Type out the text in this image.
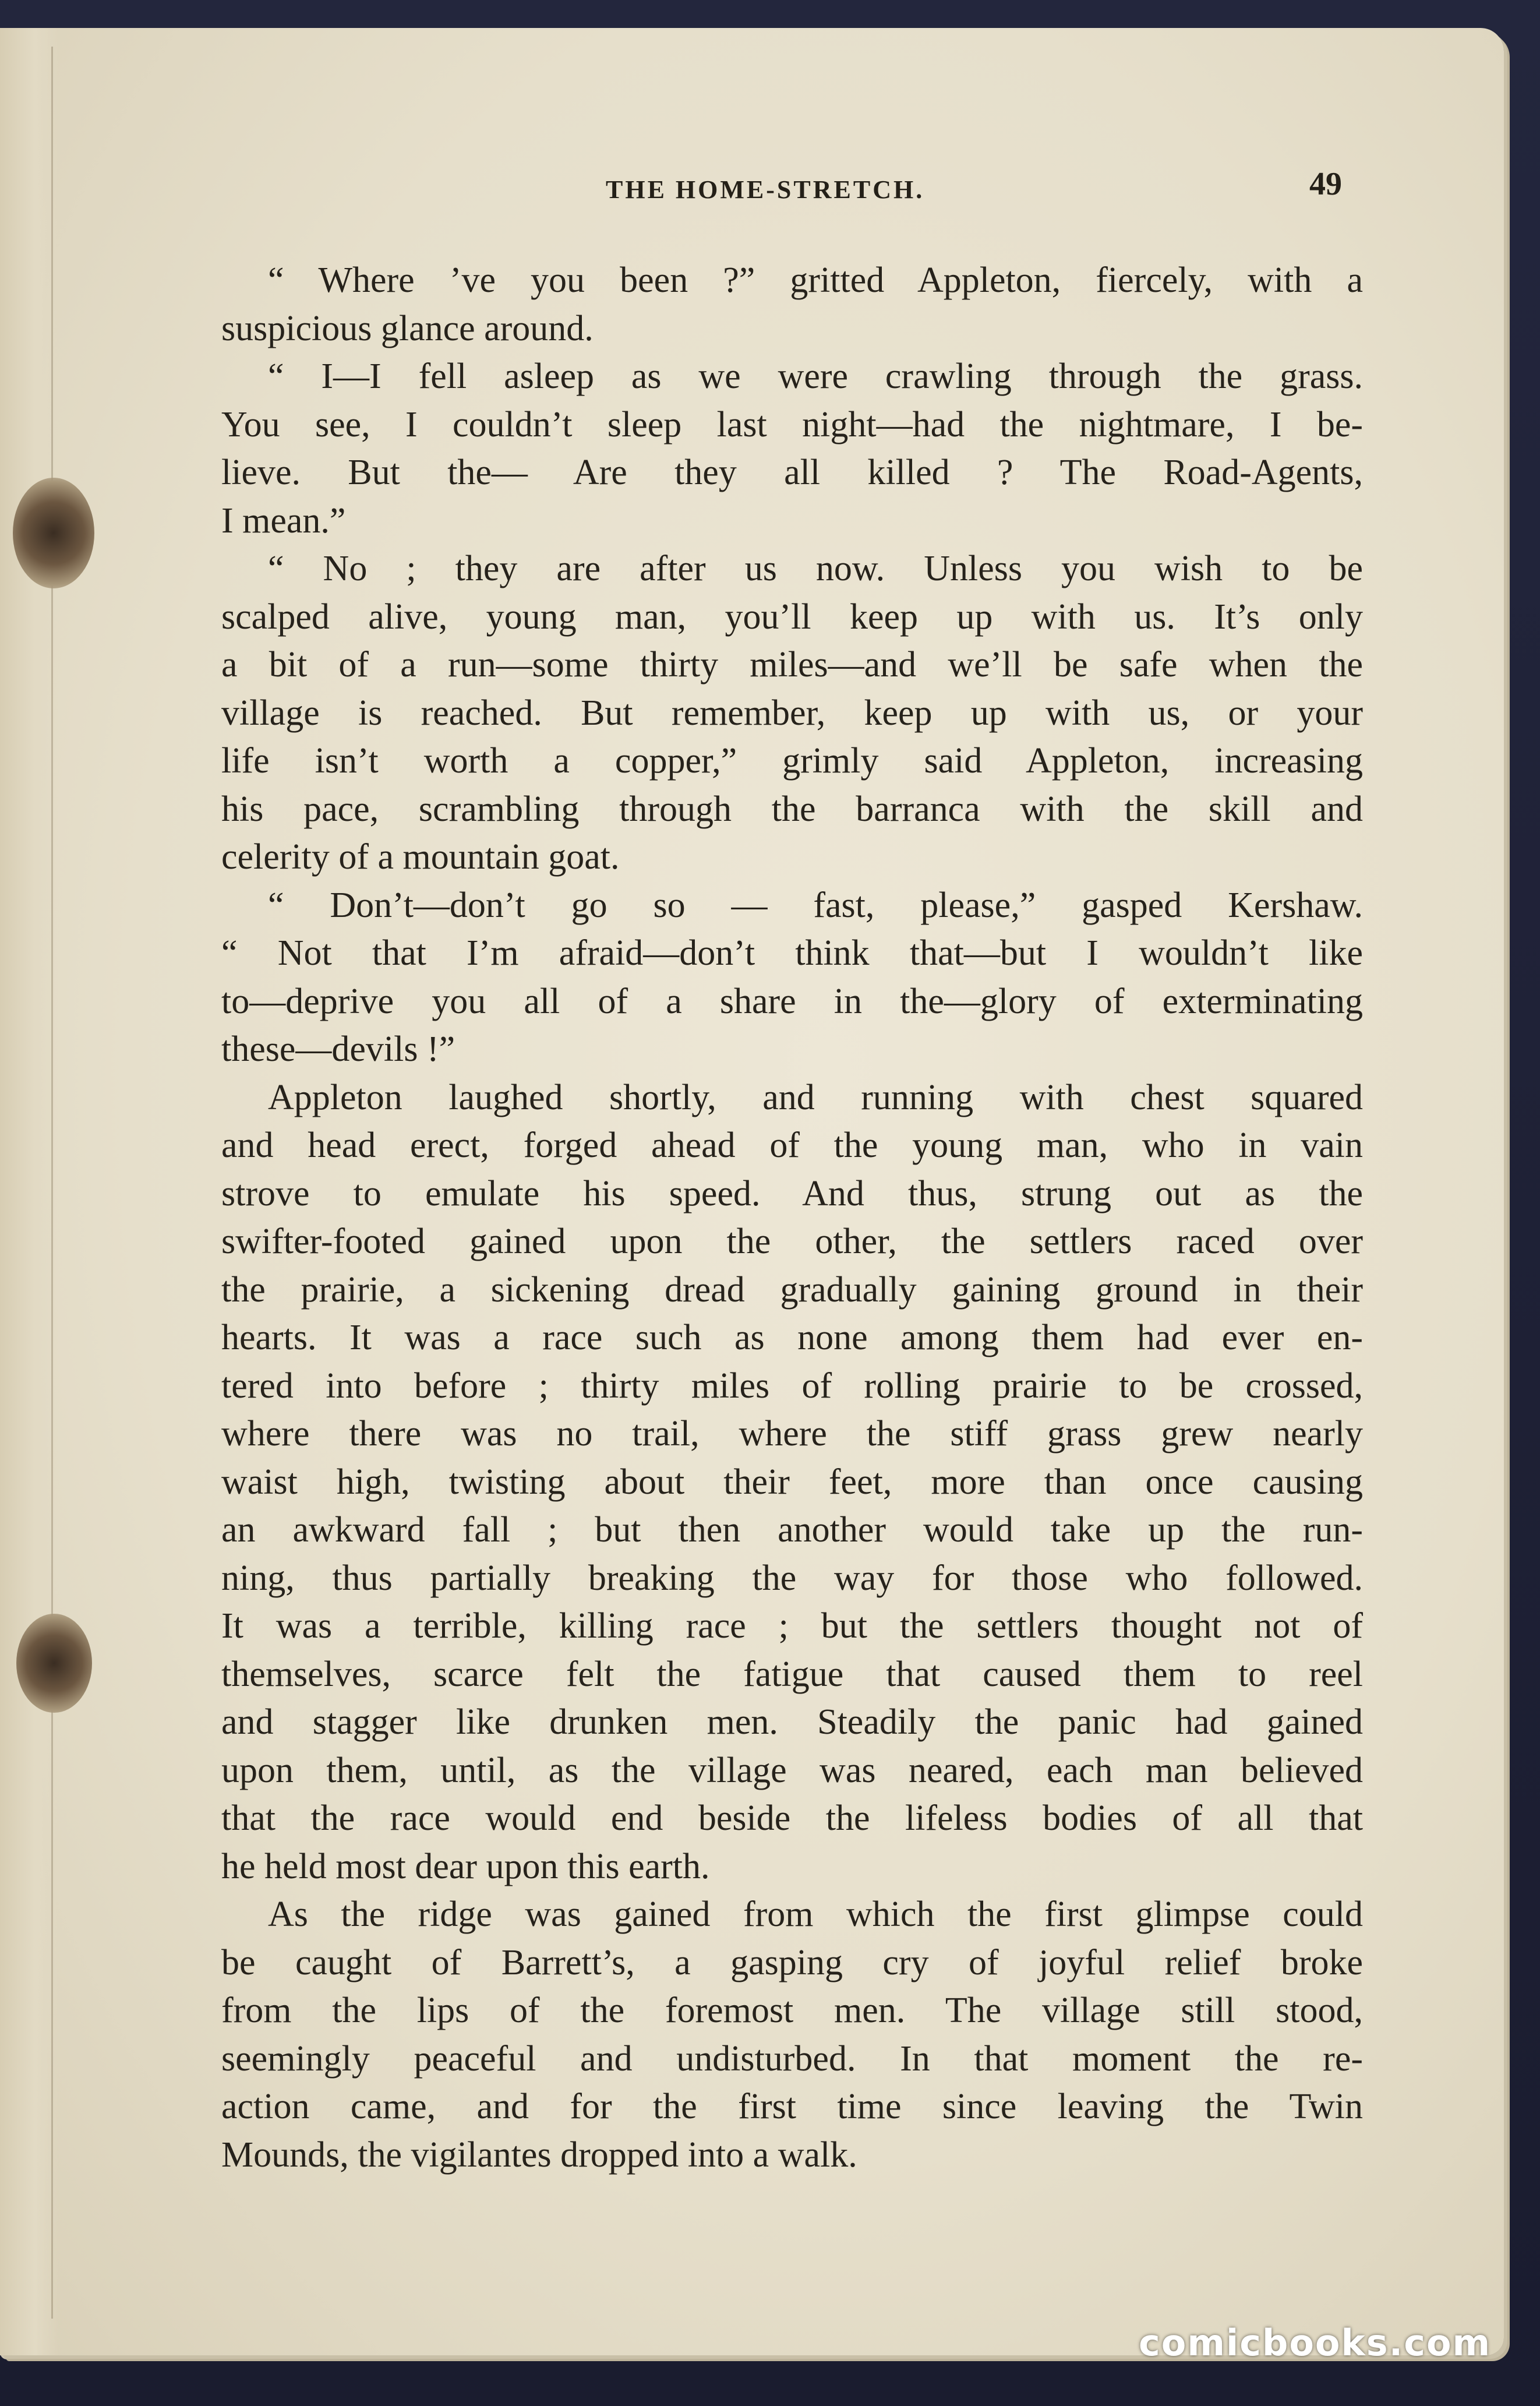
THE HOME-STRETCH.	49
“ Where ’ve you been ?” gritted Appleton, fiercely, with a
suspicious glance around.
“ I—I fell asleep as we were crawling through the grass.
You see, I couldn’t sleep last night—had the nightmare, I be-
lieve. But the— Are they all killed ? The Road-Agents,
I mean.”
“ No ; they are after us now. Unless you wish to be
scalped alive, young man, you’ll keep up with us. It’s only
a bit of a run—some thirty miles—and we’ll be safe when the
village is reached. But remember, keep up with us, or your
life isn’t worth a copper,” grimly said Appleton, increasing
his pace, scrambling through the barranca with the skill and
celerity of a mountain goat.
“ Don’t—don’t go so — fast, please,” gasped Kershaw.
“ Not that I’m afraid—don’t think that—but I wouldn’t like
to—deprive you all of a share in the—glory of exterminating
these—devils !”
Appleton laughed shortly, and running with chest squared
and head erect, forged ahead of the young man, who in vain
strove to emulate his speed. And thus, strung out as the
swifter-footed gained upon the other, the settlers raced over
the prairie, a sickening dread gradually gaining ground in their
hearts. It was a race such as none among them had ever en-
tered into before ; thirty miles of rolling prairie to be crossed,
where there was no trail, where the stiff grass grew nearly
waist high, twisting about their feet, more than once causing
an awkward fall ; but then another would take up the run-
ning, thus partially breaking the way for those who followed.
It was a terrible, killing race ; but the settlers thought not of
themselves, scarce felt the fatigue that caused them to reel
and stagger like drunken men. Steadily the panic had gained
upon them, until, as the village was neared, each man believed
that the race would end beside the lifeless bodies of all that
he held most dear upon this earth.
As the ridge was gained from which the first glimpse could
be caught of Barrett’s, a gasping cry of joyful relief broke
from the lips of the foremost men. The village still stood,
seemingly peaceful and undisturbed. In that moment the re-
action came, and for the first time since leaving the Twin
Mounds, the vigilantes dropped into a walk.
comicbooks.com
